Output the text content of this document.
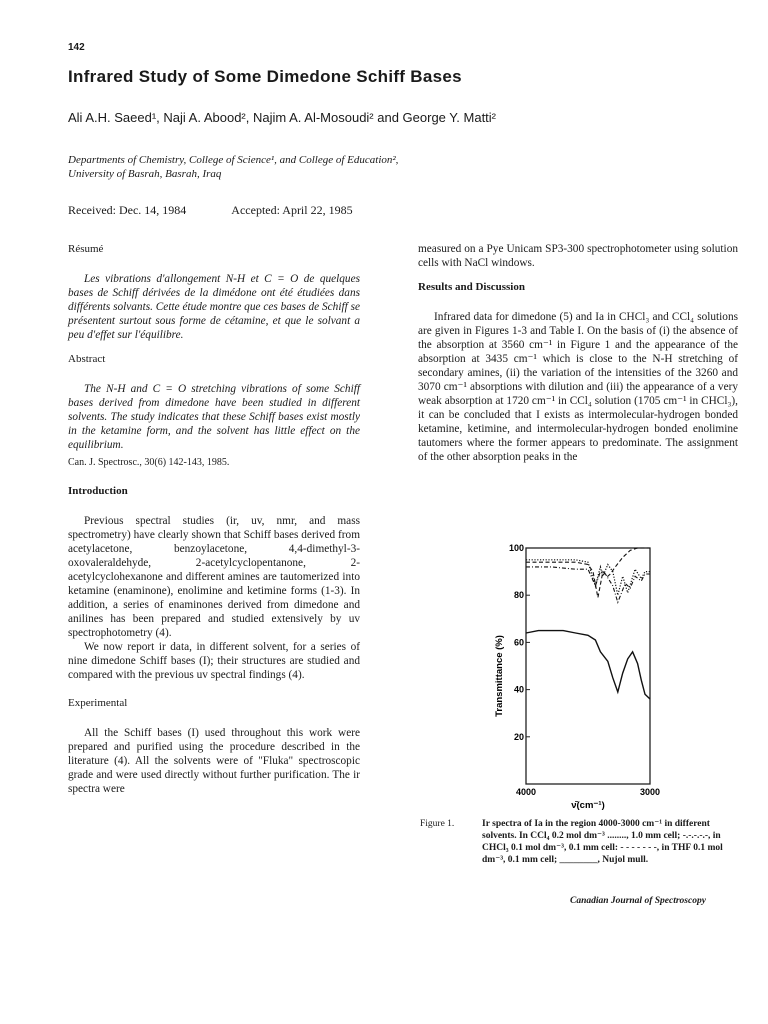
142
Infrared Study of Some Dimedone Schiff Bases
Ali A.H. Saeed¹, Naji A. Abood², Najim A. Al-Mosoudi² and George Y. Matti²
Departments of Chemistry, College of Science¹, and College of Education²,
University of Basrah, Basrah, Iraq
Received: Dec. 14, 1984	Accepted: April 22, 1985
Résumé

Les vibrations d'allongement N-H et C = O de quelques bases de Schiff dérivées de la dimédone ont été étudiées dans différents solvants. Cette étude montre que ces bases de Schiff se présentent surtout sous forme de cétamine, et que le solvant a peu d'effet sur l'équilibre.

Abstract

The N-H and C = O stretching vibrations of some Schiff bases derived from dimedone have been studied in different solvents. The study indicates that these Schiff bases exist mostly in the ketamine form, and the solvent has little effect on the equilibrium.

Can. J. Spectrosc., 30(6) 142-143, 1985.
Introduction

Previous spectral studies (ir, uv, nmr, and mass spectrometry) have clearly shown that Schiff bases derived from acetylacetone, benzoylacetone, 4,4-dimethyl-3-oxovaleraldehyde, 2-acetylcyclopentanone, 2-acetylcyclohexanone and different amines are tautomerized into ketamine (enaminone), enolimine and ketimine forms (1-3). In addition, a series of enaminones derived from dimedone and anilines has been prepared and studied extensively by uv spectrophotometry (4).

We now report ir data, in different solvent, for a series of nine dimedone Schiff bases (I); their structures are studied and compared with the previous uv spectral findings (4).

Experimental

All the Schiff bases (I) used throughout this work were prepared and purified using the procedure described in the literature (4). All the solvents were of "Fluka" spectroscopic grade and were used directly without further purification. The ir spectra were

measured on a Pye Unicam SP3-300 spectrophotometer using solution cells with NaCl windows.

Results and Discussion

Infrared data for dimedone (5) and Ia in CHCl₃ and CCl₄ solutions are given in Figures 1-3 and Table I. On the basis of (i) the absence of the absorption at 3560 cm⁻¹ in Figure 1 and the appearance of the absorption at 3435 cm⁻¹ which is close to the N-H stretching of secondary amines, (ii) the variation of the intensities of the 3260 and 3070 cm⁻¹ absorptions with dilution and (iii) the appearance of a very weak absorption at 1720 cm⁻¹ in CCl₄ solution (1705 cm⁻¹ in CHCl₃), it can be concluded that I exists as intermolecular-hydrogen bonded ketamine, ketimine, and intermolecular-hydrogen bonded enolimine tautomers where the former appears to predominate. The assignment of the other absorption peaks in the

20
40
60
80
100
4000	3000
ν̄(cm⁻¹)
Transmittance (%)
Figure 1.	Ir spectra of Ia in the region 4000-3000 cm⁻¹ in different solvents. In CCl₄ 0.2 mol dm⁻³ ........, 1.0 mm cell; -.-.-.-.-, in CHCl₃ 0.1 mol dm⁻³, 0.1 mm cell: - - - - - - -, in THF 0.1 mol dm⁻³, 0.1 mm cell; ________, Nujol mull.
Canadian Journal of Spectroscopy
